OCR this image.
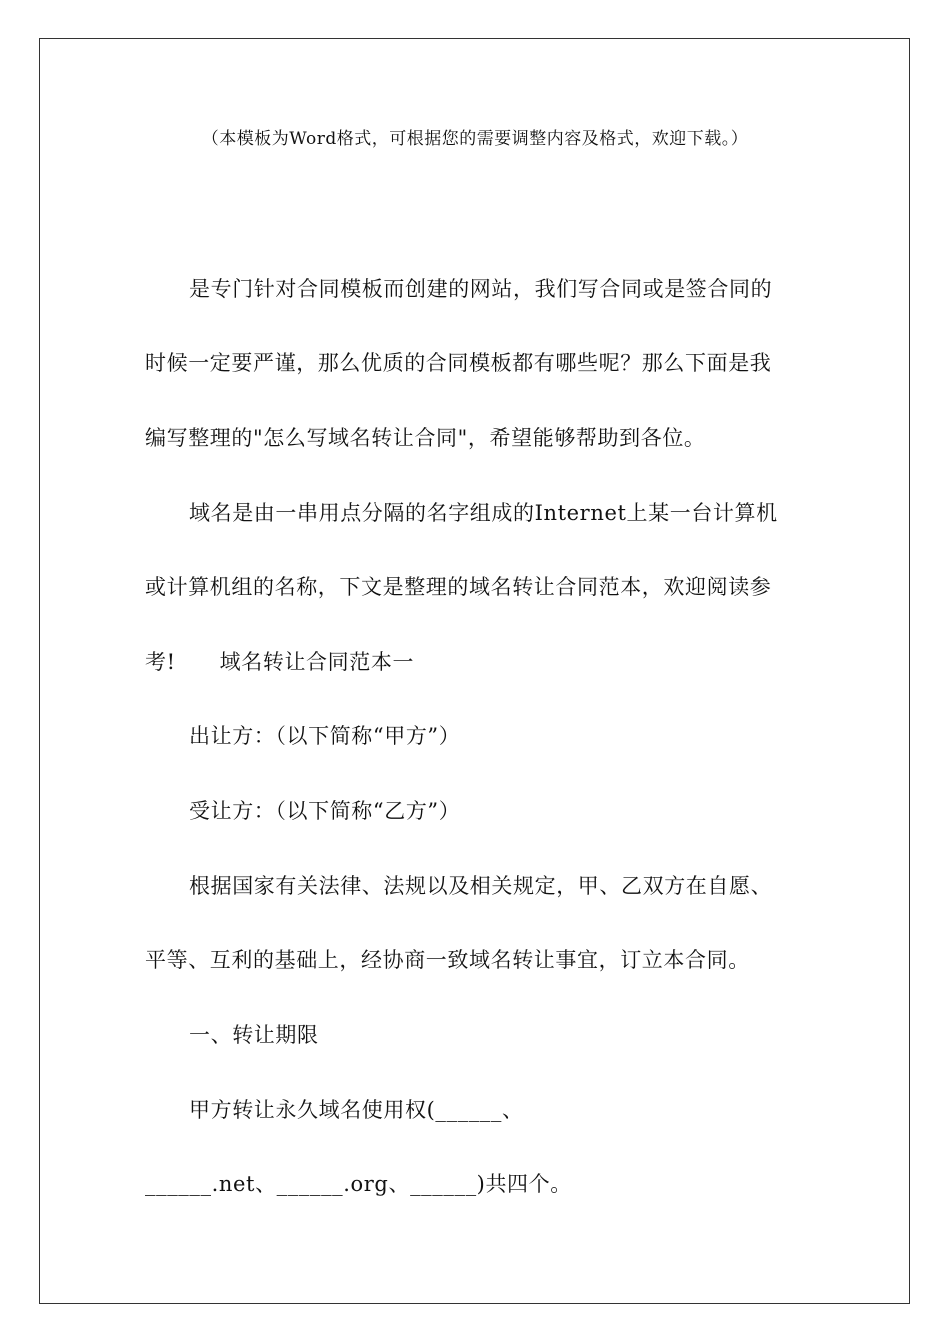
（本模板为Word格式，可根据您的需要调整内容及格式，欢迎下载。）
是专门针对合同模板而创建的网站，我们写合同或是签合同的
时候一定要严谨，那么优质的合同模板都有哪些呢？那么下面是我
编写整理的"怎么写域名转让合同"，希望能够帮助到各位。
域名是由一串用点分隔的名字组成的Internet上某一台计算机
或计算机组的名称，下文是整理的域名转让合同范本，欢迎阅读参
考! 域名转让合同范本一
出让方：（以下简称“甲方”）
受让方：（以下简称“乙方”）
根据国家有关法律、法规以及相关规定，甲、乙双方在自愿、
平等、互利的基础上，经协商一致域名转让事宜，订立本合同。
一、转让期限
甲方转让永久域名使用权(______、
______.net、______.org、______)共四个。
